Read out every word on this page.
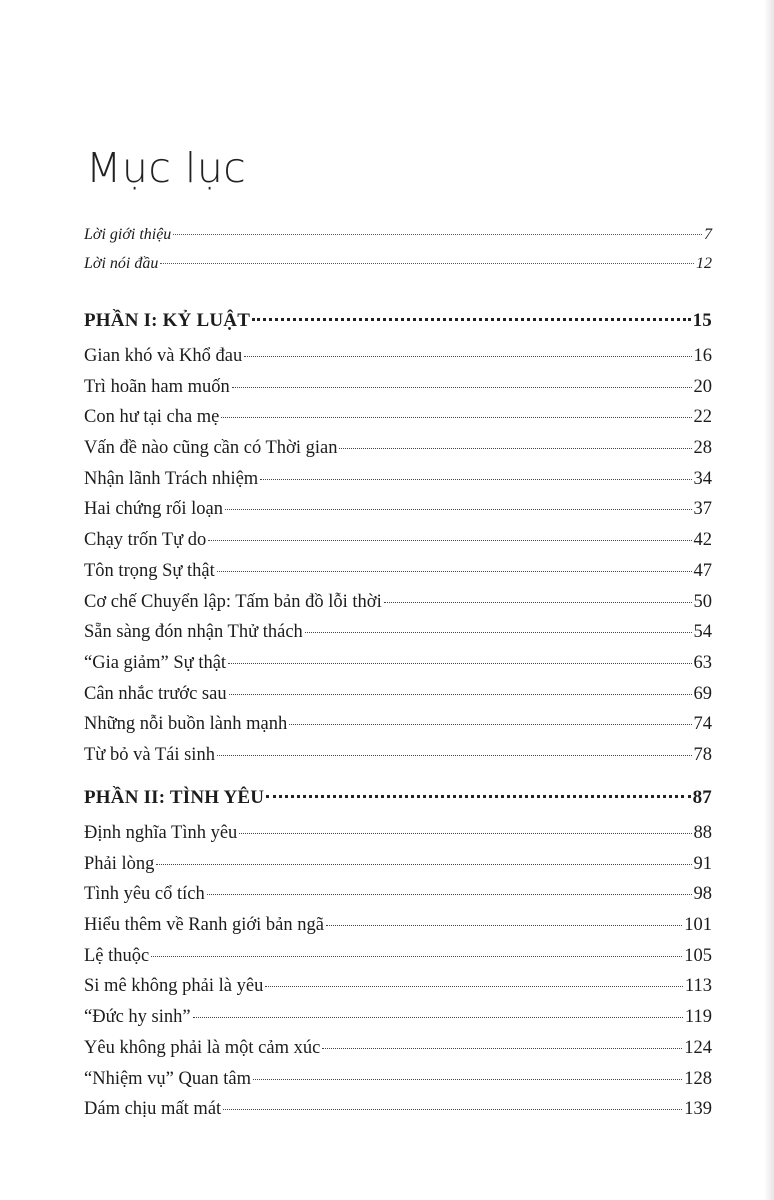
Mục lục
Lời giới thiệu	7
Lời nói đầu	12
PHẦN I: KỶ LUẬT	15
Gian khó và Khổ đau	16
Trì hoãn ham muốn	20
Con hư tại cha mẹ	22
Vấn đề nào cũng cần có Thời gian	28
Nhận lãnh Trách nhiệm	34
Hai chứng rối loạn	37
Chạy trốn Tự do	42
Tôn trọng Sự thật	47
Cơ chế Chuyển lập: Tấm bản đồ lỗi thời	50
Sẵn sàng đón nhận Thử thách	54
“Gia giảm” Sự thật	63
Cân nhắc trước sau	69
Những nỗi buồn lành mạnh	74
Từ bỏ và Tái sinh	78
PHẦN II: TÌNH YÊU	87
Định nghĩa Tình yêu	88
Phải lòng	91
Tình yêu cổ tích	98
Hiểu thêm về Ranh giới bản ngã	101
Lệ thuộc	105
Si mê không phải là yêu	113
“Đức hy sinh”	119
Yêu không phải là một cảm xúc	124
“Nhiệm vụ” Quan tâm	128
Dám chịu mất mát	139
